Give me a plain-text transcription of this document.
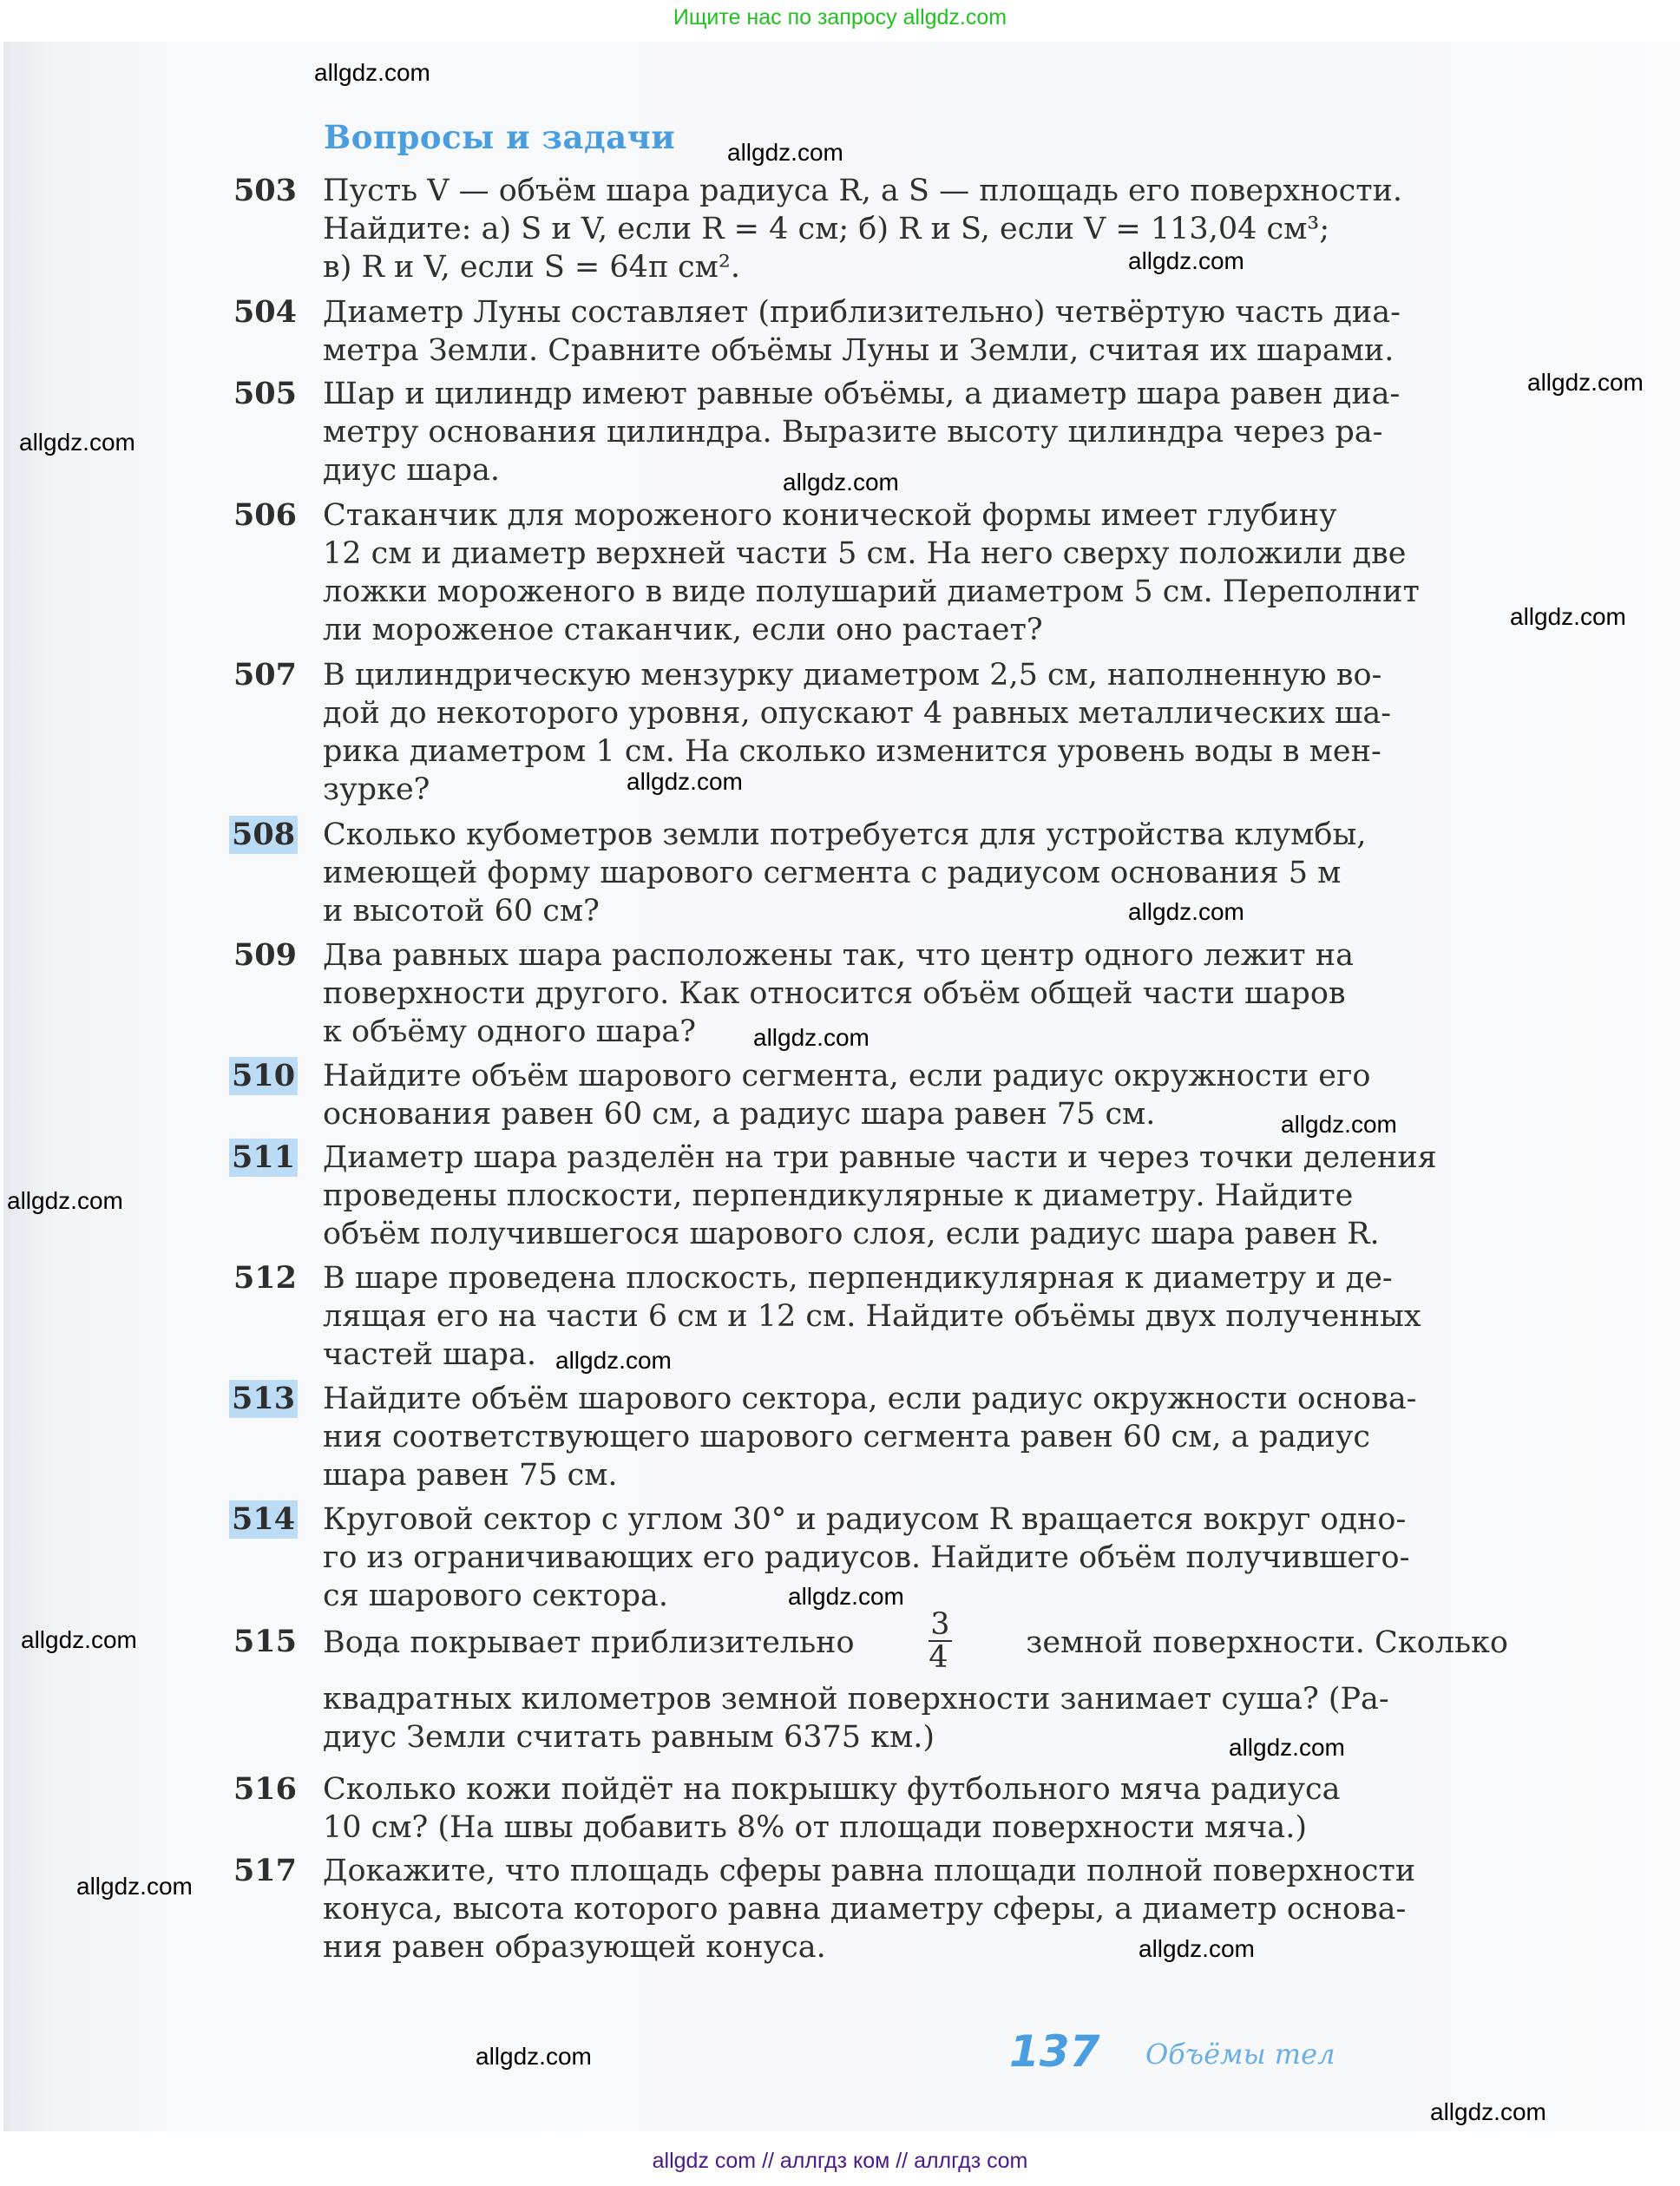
Ищите нас по запросу allgdz.com
Вопросы и задачи
503 Пусть V — объём шара радиуса R, а S — площадь его поверхности.
Найдите: а) S и V, если R = 4 см; б) R и S, если V = 113,04 см³;
в) R и V, если S = 64π см².
504 Диаметр Луны составляет (приблизительно) четвёртую часть диа-
метра Земли. Сравните объёмы Луны и Земли, считая их шарами.
505 Шар и цилиндр имеют равные объёмы, а диаметр шара равен диа-
метру основания цилиндра. Выразите высоту цилиндра через ра-
диус шара.
506 Стаканчик для мороженого конической формы имеет глубину
12 см и диаметр верхней части 5 см. На него сверху положили две
ложки мороженого в виде полушарий диаметром 5 см. Переполнит
ли мороженое стаканчик, если оно растает?
507 В цилиндрическую мензурку диаметром 2,5 см, наполненную во-
дой до некоторого уровня, опускают 4 равных металлических ша-
рика диаметром 1 см. На сколько изменится уровень воды в мен-
зурке?
508 Сколько кубометров земли потребуется для устройства клумбы,
имеющей форму шарового сегмента с радиусом основания 5 м
и высотой 60 см?
509 Два равных шара расположены так, что центр одного лежит на
поверхности другого. Как относится объём общей части шаров
к объёму одного шара?
510 Найдите объём шарового сегмента, если радиус окружности его
основания равен 60 см, а радиус шара равен 75 см.
511 Диаметр шара разделён на три равные части и через точки деления
проведены плоскости, перпендикулярные к диаметру. Найдите
объём получившегося шарового слоя, если радиус шара равен R.
512 В шаре проведена плоскость, перпендикулярная к диаметру и де-
лящая его на части 6 см и 12 см. Найдите объёмы двух полученных
частей шара.
513 Найдите объём шарового сектора, если радиус окружности основа-
ния соответствующего шарового сегмента равен 60 см, а радиус
шара равен 75 см.
514 Круговой сектор с углом 30° и радиусом R вращается вокруг одно-
го из ограничивающих его радиусов. Найдите объём получившего-
ся шарового сектора.
515 Вода покрывает приблизительно $\frac{3}{4}$ земной поверхности. Сколько
квадратных километров земной поверхности занимает суша? (Ра-
диус Земли считать равным 6375 км.)
516 Сколько кожи пойдёт на покрышку футбольного мяча радиуса
10 см? (На швы добавить 8% от площади поверхности мяча.)
517 Докажите, что площадь сферы равна площади полной поверхности
конуса, высота которого равна диаметру сферы, а диаметр основа-
ния равен образующей конуса.
137 Объёмы тел
allgdz.com
allgdz.com
allgdz.com
allgdz.com
allgdz.com
allgdz.com
allgdz.com
allgdz.com
allgdz.com
allgdz.com
allgdz.com
allgdz.com
allgdz.com
allgdz.com
allgdz.com
allgdz.com
allgdz.com
allgdz.com
allgdz.com
allgdz.com
allgdz com // аллгдз ком // аллгдз com
